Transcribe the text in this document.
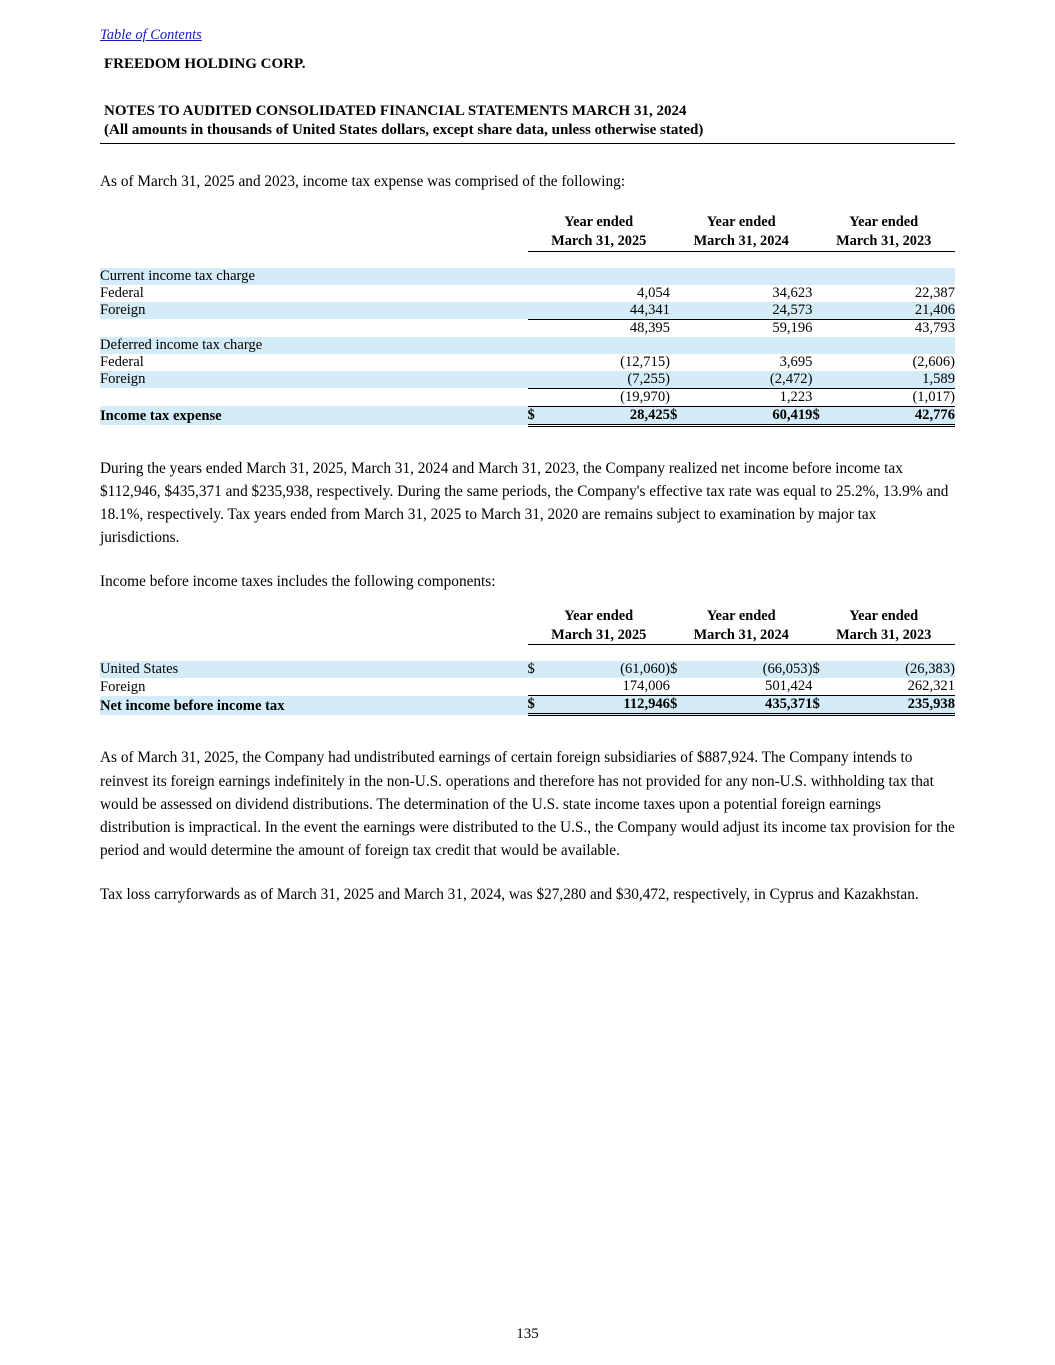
Table of Contents
FREEDOM HOLDING CORP.
NOTES TO AUDITED CONSOLIDATED FINANCIAL STATEMENTS MARCH 31, 2024
(All amounts in thousands of United States dollars, except share data, unless otherwise stated)

As of March 31, 2025 and 2023, income tax expense was comprised of the following:

Year ended
March 31, 2025

Year ended
March 31, 2024

Year ended
March 31, 2023

Current income tax charge						
Federal		4,054		34,623		22,387
Foreign		44,341		24,573		21,406
		48,395		59,196		43,793
Deferred income tax charge						
Federal		(12,715)		3,695		(2,606)
Foreign		(7,255)		(2,472)		1,589
		(19,970)		1,223		(1,017)
Income tax expense	$	28,425	$	60,419	$	42,776

During the years ended March 31, 2025, March 31, 2024 and March 31, 2023, the Company realized net income before income tax $112,946, $435,371 and $235,938, respectively. During the same periods, the Company's effective tax rate was equal to 25.2%, 13.9% and 18.1%, respectively. Tax years ended from March 31, 2025 to March 31, 2020 are remains subject to examination by major tax jurisdictions.

Income before income taxes includes the following components:

Year ended
March 31, 2025

Year ended
March 31, 2024

Year ended
March 31, 2023

United States	$	(61,060)	$	(66,053)	$	(26,383)
Foreign		174,006		501,424		262,321
Net income before income tax	$	112,946	$	435,371	$	235,938

As of March 31, 2025, the Company had undistributed earnings of certain foreign subsidiaries of $887,924. The Company intends to reinvest its foreign earnings indefinitely in the non-U.S. operations and therefore has not provided for any non-U.S. withholding tax that would be assessed on dividend distributions. The determination of the U.S. state income taxes upon a potential foreign earnings distribution is impractical. In the event the earnings were distributed to the U.S., the Company would adjust its income tax provision for the period and would determine the amount of foreign tax credit that would be available.

Tax loss carryforwards as of March 31, 2025 and March 31, 2024, was $27,280 and $30,472, respectively, in Cyprus and Kazakhstan.

135
